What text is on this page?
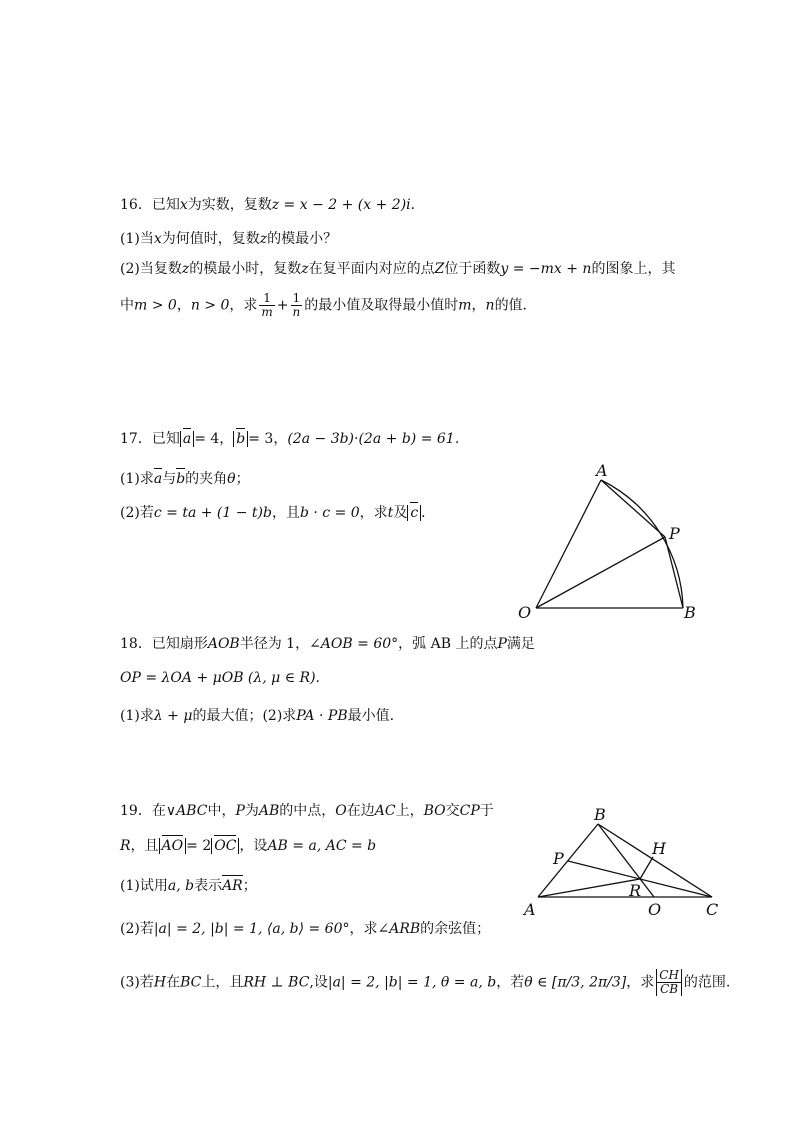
16．已知x为实数，复数z = x − 2 + (x + 2)i．
(1)当x为何值时，复数z的模最小？
(2)当复数z的模最小时，复数z在复平面内对应的点Z位于函数y = −mx + n的图象上，其
中m > 0，n > 0，求 $\frac{1}{m} + \frac{1}{n}$ 的最小值及取得最小值时m，n的值．
17．已知 a = 4， b = 3，(2a − 3b)·(2a + b) = 61．
(1)求a与b的夹角θ；
(2)若c = ta + (1 − t)b，且b · c = 0，求t及 c ．
A
P
O	B
18．已知扇形AOB半径为 1，∠AOB = 60°，弧 AB 上的点P满足
OP = λOA + μOB (λ, μ ∈ R).
(1)求λ + μ的最大值；(2)求PA · PB最小值.
19．在∨ABC中，P为AB的中点，O在边AC上，BO交CP于
R，且 AO = 2 OC ，设AB = a, AC = b
(1)试用a, b表示AR；
(2)若|a| = 2, |b| = 1, ⟨a, b⟩ = 60°，求∠ARB的余弦值；
(3)若H在BC上，且RH ⊥ BC,设|a| = 2, |b| = 1, θ = a, b，若θ ∈ [π/3, 2π/3]，求 $\frac{CH}{CB}$ 的范围.
B
H
P
R
A	O	C
